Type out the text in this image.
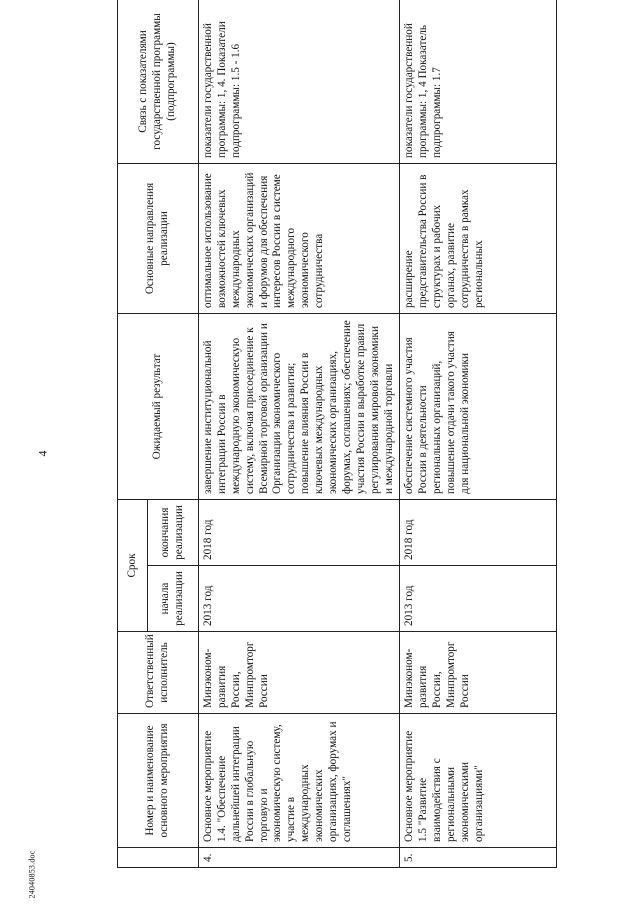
4
24040853.doc
	Номер и наименование основного мероприятия	Ответственный исполнитель	Срок		Ожидаемый результат	Основные направления реализации	Связь с показателями государственной программы (подпрограммы)
			начала реализации	окончания реализации			
4.	Основное мероприятие 1.4. "Обеспечение дальнейшей интеграции России в глобальную торговую и экономическую систему, участие в международных экономических организациях, форумах и соглашениях"	Минэконом-развития России, Минпромторг России	2013 год	2018 год	завершение институциональной интеграции России в международную экономическую систему, включая присоединение к Всемирной торговой организации и Организации экономического сотрудничества и развития; повышение влияния России в ключевых международных экономических организациях, форумах, соглашениях; обеспечение участия России в выработке правил регулирования мировой экономики и международной торговли	оптимальное использование возможностей ключевых международных экономических организаций и форумов для обеспечения интересов России в системе международного экономического сотрудничества	показатели государственной программы: 1, 4. Показатели подпрограммы: 1.5 - 1.6
5.	Основное мероприятие 1.5 "Развитие взаимодействия с региональными экономическими организациями"	Минэконом-развития России, Минпромторг России	2013 год	2018 год	обеспечение системного участия России в деятельности региональных организаций, повышение отдачи такого участия для национальной экономики	расширение представительства России в структурах и рабочих органах, развитие сотрудничества в рамках региональных	показатели государственной программы: 1, 4 Показатель подпрограммы: 1.7
